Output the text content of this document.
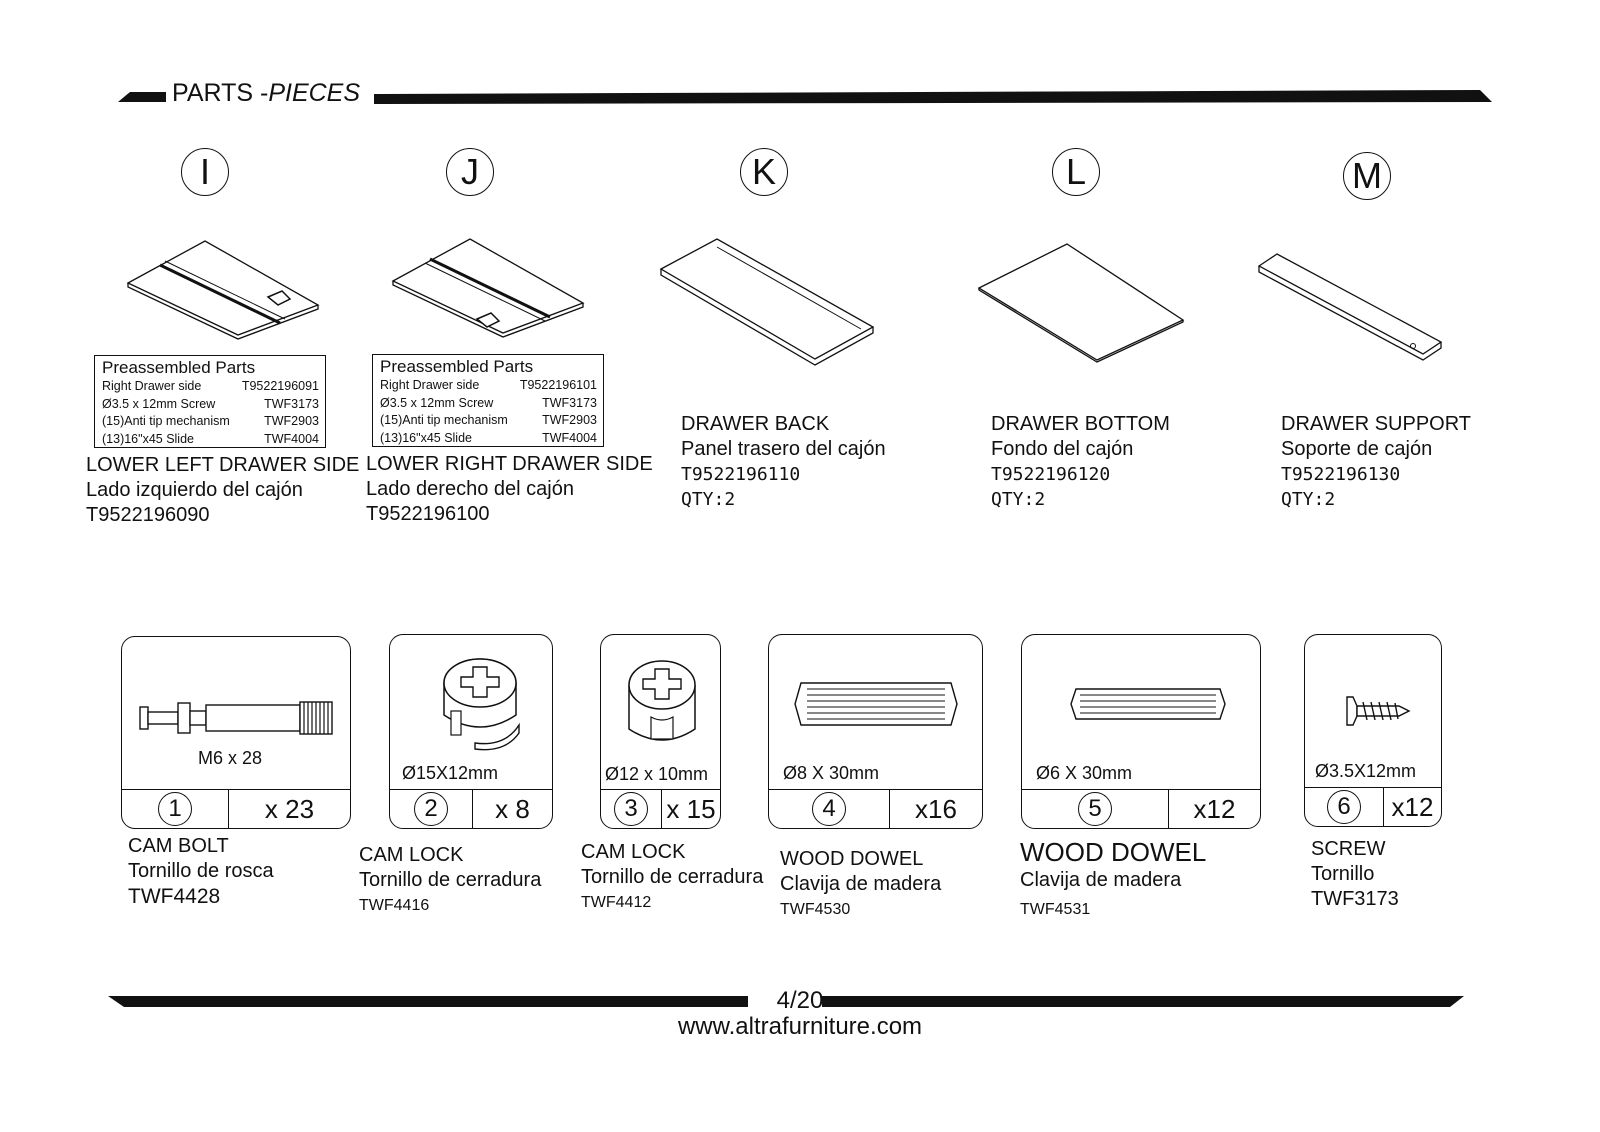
PARTS -PIECES
I	J	K	L	M
Preassembled Parts
Right Drawer side	T9522196091
Ø3.5 x 12mm Screw	TWF3173
(15)Anti tip mechanism	TWF2903
(13)16"x45 Slide	TWF4004
Preassembled Parts
Right Drawer side	T9522196101
Ø3.5 x 12mm Screw	TWF3173
(15)Anti tip mechanism	TWF2903
(13)16"x45 Slide	TWF4004
LOWER LEFT DRAWER SIDE
Lado izquierdo del cajón
T9522196090
LOWER RIGHT DRAWER SIDE
Lado derecho del cajón
T9522196100
DRAWER BACK
Panel trasero del cajón
T9522196110
QTY:2
DRAWER BOTTOM
Fondo del cajón
T9522196120
QTY:2
DRAWER SUPPORT
Soporte de cajón
T9522196130
QTY:2
M6 x 28
1	x 23
Ø15X12mm
2	x 8
Ø12 x 10mm
3	x 15
Ø8 X 30mm
4	x16
Ø6 X 30mm
5	x12
Ø3.5X12mm
6	x12
CAM BOLT
Tornillo de rosca
TWF4428
CAM LOCK
Tornillo de cerradura
TWF4416
CAM LOCK
Tornillo de cerradura
TWF4412
WOOD DOWEL
Clavija de madera
TWF4530
WOOD DOWEL
Clavija de madera
TWF4531
SCREW
Tornillo
TWF3173
4/20
www.altrafurniture.com
